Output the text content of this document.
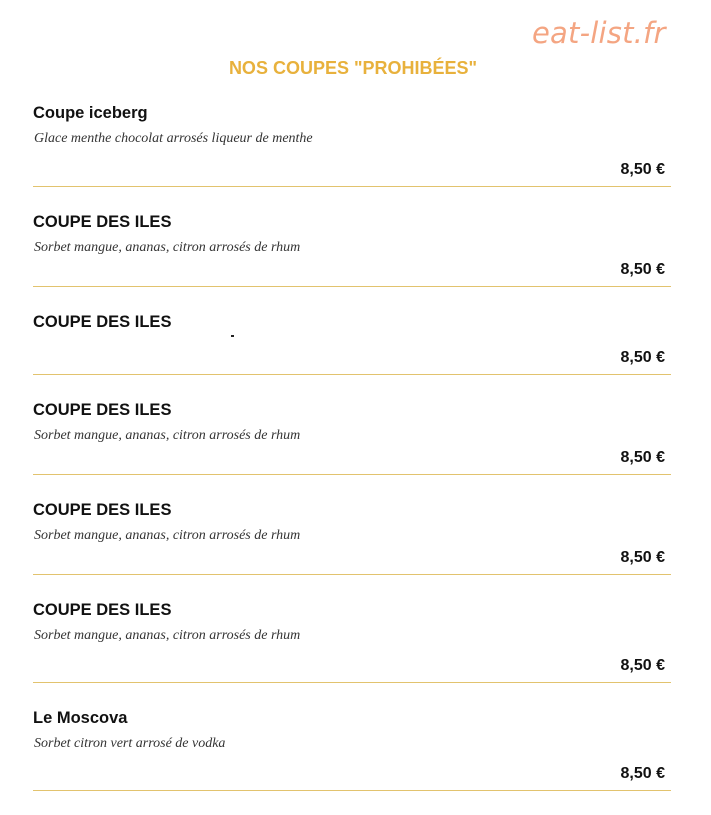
eat-list.fr
NOS COUPES "PROHIBÉES"
Coupe iceberg
Glace menthe chocolat arrosés liqueur de menthe
8,50 €
COUPE DES ILES
Sorbet mangue, ananas, citron arrosés de rhum
8,50 €
COUPE DES ILES
8,50 €
COUPE DES ILES
Sorbet mangue, ananas, citron arrosés de rhum
8,50 €
COUPE DES ILES
Sorbet mangue, ananas, citron arrosés de rhum
8,50 €
COUPE DES ILES
Sorbet mangue, ananas, citron arrosés de rhum
8,50 €
Le Moscova
Sorbet citron vert arrosé de vodka
8,50 €
